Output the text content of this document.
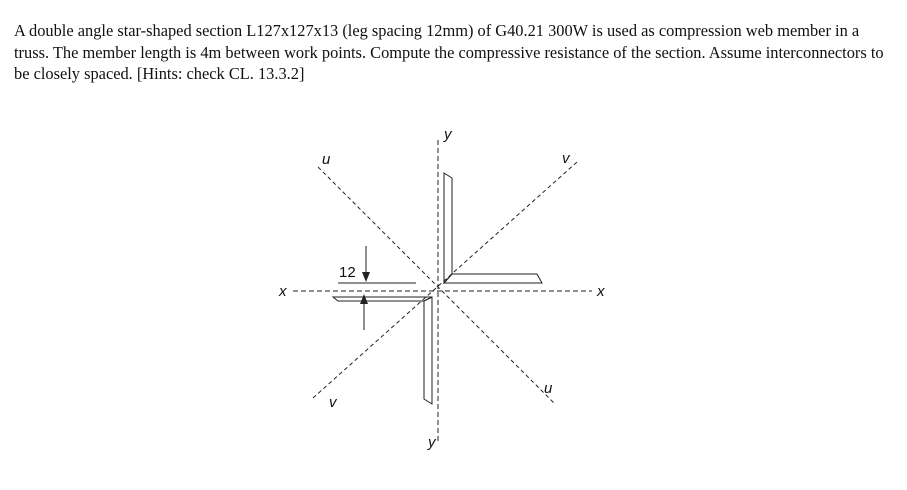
A double angle star-shaped section L127x127x13 (leg spacing 12mm) of G40.21 300W is used as compression web member in a truss. The member length is 4m between work points. Compute the compressive resistance of the section. Assume interconnectors to be closely spaced. [Hints: check CL. 13.3.2]

y
y
x	x
u
u
v
v
12
